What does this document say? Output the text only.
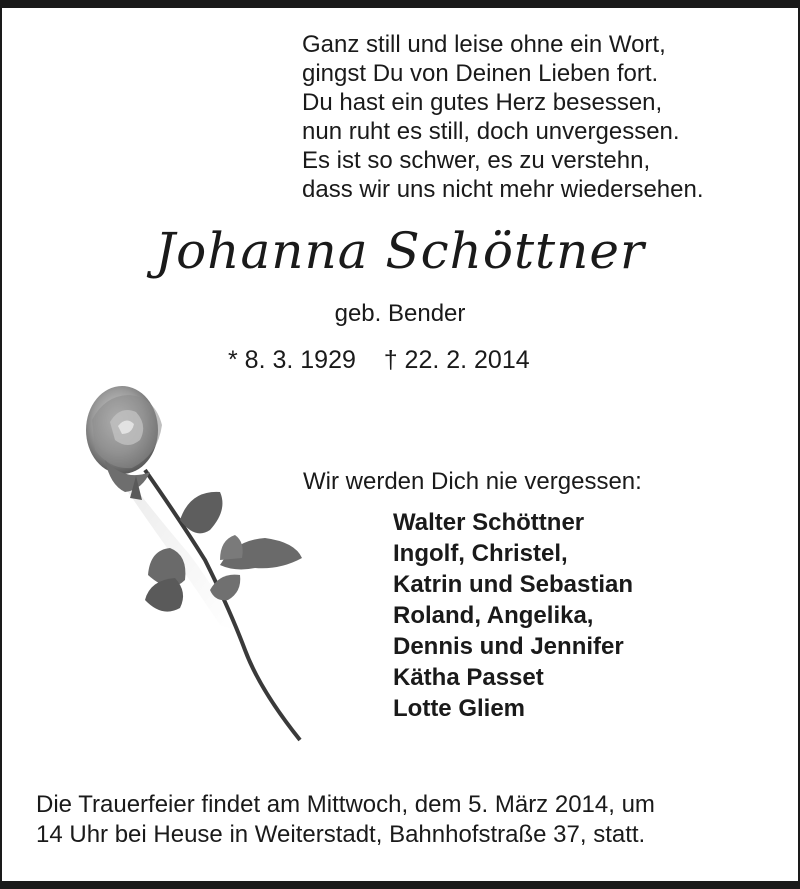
Ganz still und leise ohne ein Wort,
gingst Du von Deinen Lieben fort.
Du hast ein gutes Herz besessen,
nun ruht es still, doch unvergessen.
Es ist so schwer, es zu verstehn,
dass wir uns nicht mehr wiedersehen.
Johanna Schöttner
geb. Bender
* 8. 3. 1929 † 22. 2. 2014
Wir werden Dich nie vergessen:
Walter Schöttner
Ingolf, Christel,
Katrin und Sebastian
Roland, Angelika,
Dennis und Jennifer
Kätha Passet
Lotte Gliem
Die Trauerfeier findet am Mittwoch, dem 5. März 2014, um
14 Uhr bei Heuse in Weiterstadt, Bahnhofstraße 37, statt.
